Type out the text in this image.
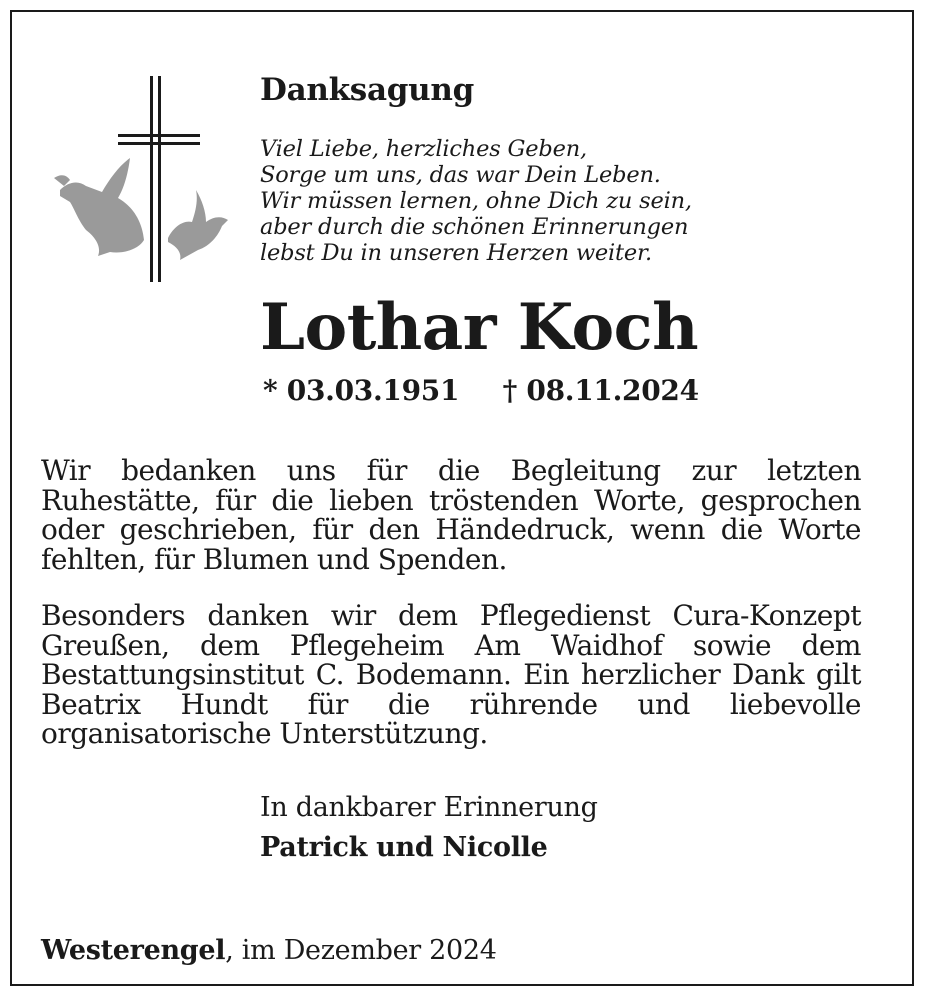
Danksagung
Viel Liebe, herzliches Geben,
Sorge um uns, das war Dein Leben.
Wir müssen lernen, ohne Dich zu sein,
aber durch die schönen Erinnerungen
lebst Du in unseren Herzen weiter.
Lothar Koch
* 03.03.1951 † 08.11.2024
Wir bedanken uns für die Begleitung zur letzten Ruhestätte, für die lieben tröstenden Worte, gesprochen oder geschrieben, für den Händedruck, wenn die Worte fehlten, für Blumen und Spenden.
Besonders danken wir dem Pflegedienst Cura-Konzept Greußen, dem Pflegeheim Am Waidhof sowie dem Bestattungsinstitut C. Bodemann. Ein herzlicher Dank gilt Beatrix Hundt für die rührende und liebevolle organisatorische Unterstützung.
In dankbarer Erinnerung
Patrick und Nicolle
Westerengel, im Dezember 2024
